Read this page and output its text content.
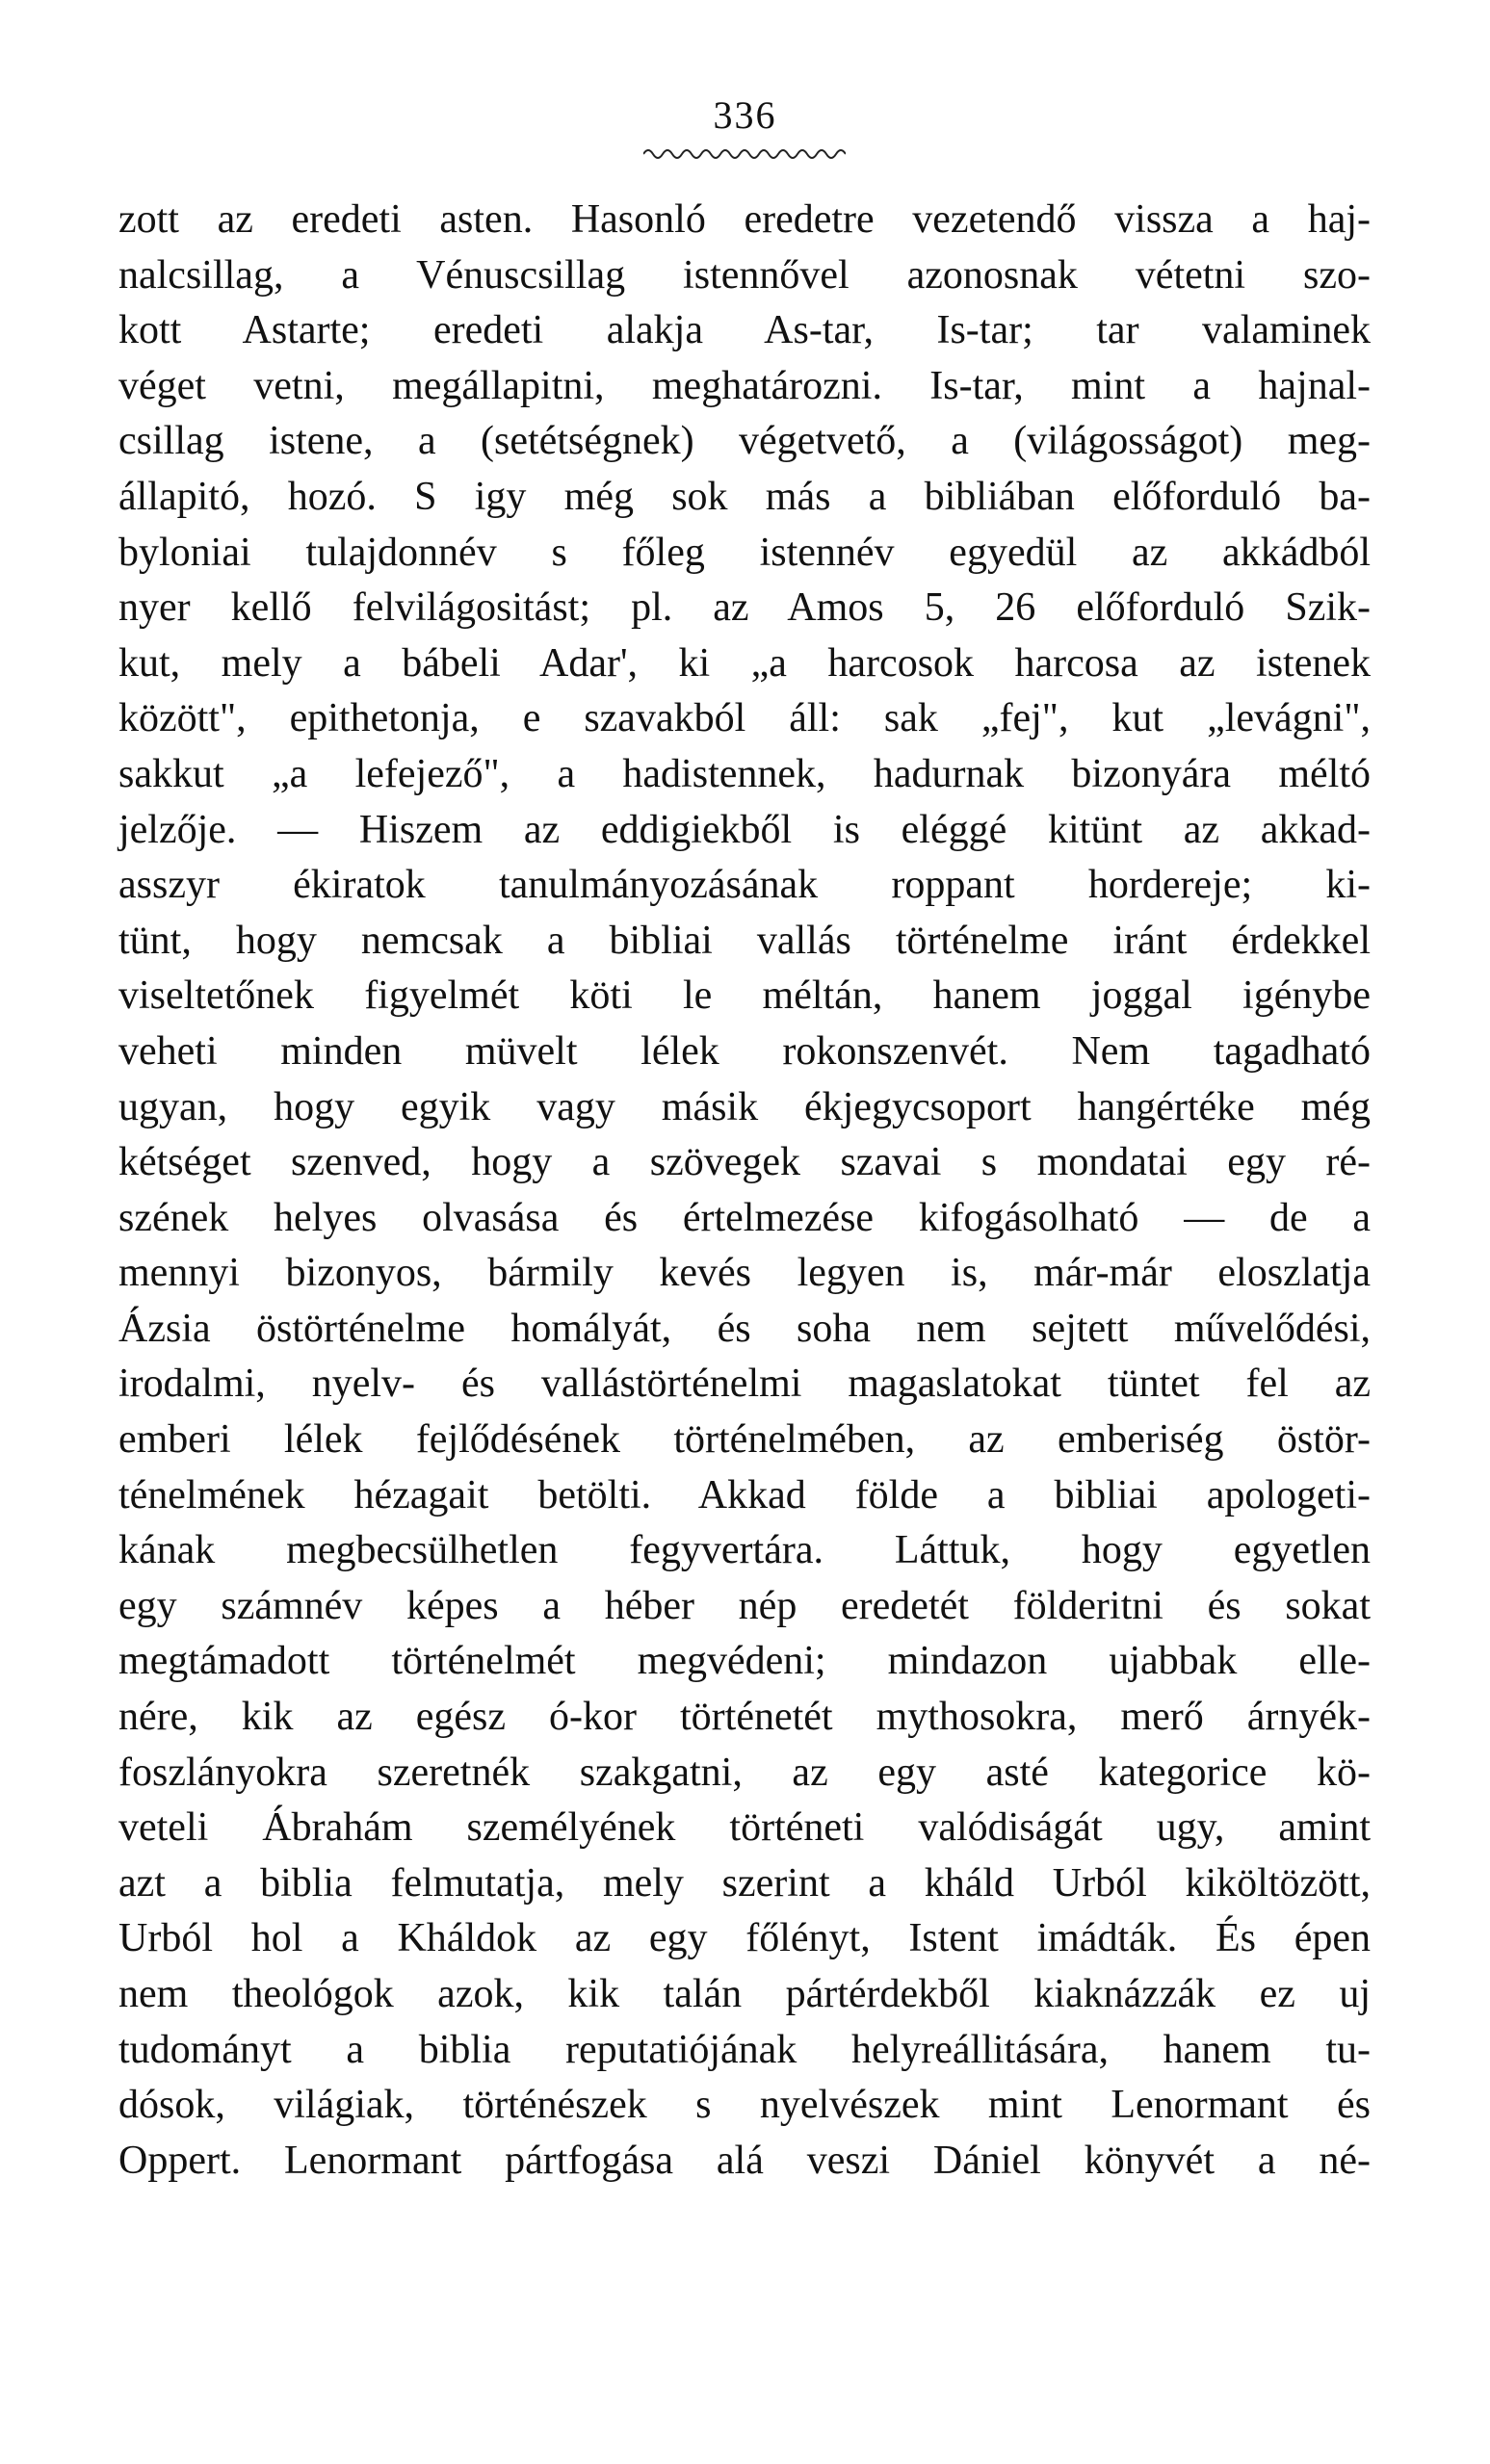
336
zott az eredeti asten. Hasonló eredetre vezetendő vissza a haj-
nalcsillag, a Vénuscsillag istennővel azonosnak vétetni szo-
kott Astarte; eredeti alakja As-tar, Is-tar; tar valaminek
véget vetni, megállapitni, meghatározni. Is-tar, mint a hajnal-
csillag istene, a (setétségnek) végetvető, a (világosságot) meg-
állapitó, hozó. S igy még sok más a bibliában előforduló ba-
byloniai tulajdonnév s főleg istennév egyedül az akkádból
nyer kellő felvilágositást; pl. az Amos 5, 26 előforduló Szik-
kut, mely a bábeli Adar', ki „a harcosok harcosa az istenek
között", epithetonja, e szavakból áll: sak „fej", kut „levágni",
sakkut „a lefejező", a hadistennek, hadurnak bizonyára méltó
jelzője. — Hiszem az eddigiekből is eléggé kitünt az akkad-
asszyr ékiratok tanulmányozásának roppant hordereje; ki-
tünt, hogy nemcsak a bibliai vallás történelme iránt érdekkel
viseltetőnek figyelmét köti le méltán, hanem joggal igénybe
veheti minden müvelt lélek rokonszenvét. Nem tagadható
ugyan, hogy egyik vagy másik ékjegycsoport hangértéke még
kétséget szenved, hogy a szövegek szavai s mondatai egy ré-
szének helyes olvasása és értelmezése kifogásolható — de a
mennyi bizonyos, bármily kevés legyen is, már-már eloszlatja
Ázsia östörténelme homályát, és soha nem sejtett művelődési,
irodalmi, nyelv- és vallástörténelmi magaslatokat tüntet fel az
emberi lélek fejlődésének történelmében, az emberiség östör-
ténelmének hézagait betölti. Akkad földe a bibliai apologeti-
kának megbecsülhetlen fegyvertára. Láttuk, hogy egyetlen
egy számnév képes a héber nép eredetét földeritni és sokat
megtámadott történelmét megvédeni; mindazon ujabbak elle-
nére, kik az egész ó-kor történetét mythosokra, merő árnyék-
foszlányokra szeretnék szakgatni, az egy asté kategorice kö-
veteli Ábrahám személyének történeti valódiságát ugy, amint
azt a biblia felmutatja, mely szerint a kháld Urból kiköltözött,
Urból hol a Kháldok az egy főlényt, Istent imádták. És épen
nem theológok azok, kik talán pártérdekből kiaknázzák ez uj
tudományt a biblia reputatiójának helyreállitására, hanem tu-
dósok, világiak, történészek s nyelvészek mint Lenormant és
Oppert. Lenormant pártfogása alá veszi Dániel könyvét a né-
